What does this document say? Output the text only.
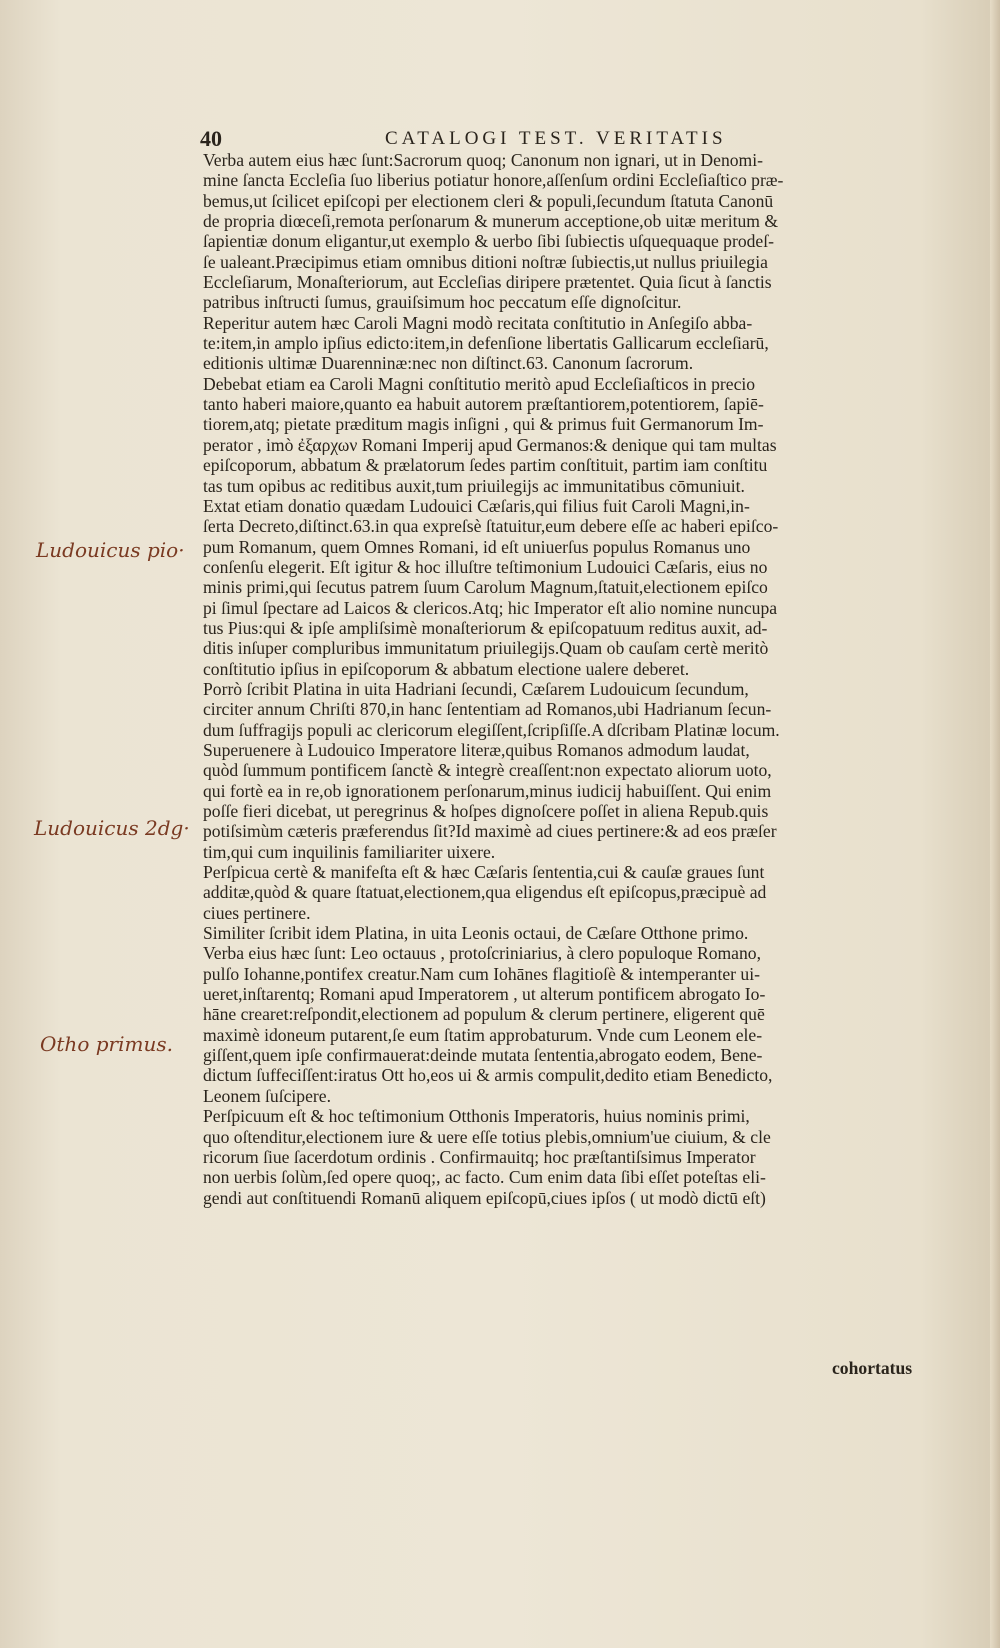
40	CATALOGI TEST. VERITATIS
Verba autem eius hæc ſunt:Sacrorum quoq; Canonum non ignari, ut in Denomi-
mine ſancta Eccleſia ſuo liberius potiatur honore,aſſenſum ordini Eccleſiaſtico præ-
bemus,ut ſcilicet epiſcopi per electionem cleri & populi,ſecundum ſtatuta Canonū
de propria diœceſi,remota perſonarum & munerum acceptione,ob uitæ meritum &
ſapientiæ donum eligantur,ut exemplo & uerbo ſibi ſubiectis uſquequaque prodeſ-
ſe ualeant.Præcipimus etiam omnibus ditioni noſtræ ſubiectis,ut nullus priuilegia
Eccleſiarum, Monaſteriorum, aut Eccleſias diripere prætentet. Quia ſicut à ſanctis
patribus inſtructi ſumus, grauiſsimum hoc peccatum eſſe dignoſcitur.
Reperitur autem hæc Caroli Magni modò recitata conſtitutio in Anſegiſo abba-
te:item,in amplo ipſius edicto:item,in defenſione libertatis Gallicarum eccleſiarū,
editionis ultimæ Duarenninæ:nec non diſtinct.63. Canonum ſacrorum.
Debebat etiam ea Caroli Magni conſtitutio meritò apud Eccleſiaſticos in precio
tanto haberi maiore,quanto ea habuit autorem præſtantiorem,potentiorem, ſapiē-
tiorem,atq; pietate præditum magis inſigni , qui & primus fuit Germanorum Im-
perator , imò ἐξαρχων Romani Imperij apud Germanos:& denique qui tam multas
epiſcoporum, abbatum & prælatorum ſedes partim conſtituit, partim iam conſtitu
tas tum opibus ac reditibus auxit,tum priuilegijs ac immunitatibus cōmuniuit.
Extat etiam donatio quædam Ludouici Cæſaris,qui filius fuit Caroli Magni,in-
ſerta Decreto,diſtinct.63.in qua expreſsè ſtatuitur,eum debere eſſe ac haberi epiſco-
pum Romanum, quem Omnes Romani, id eſt uniuerſus populus Romanus uno
conſenſu elegerit. Eſt igitur & hoc illuſtre teſtimonium Ludouici Cæſaris, eius no
minis primi,qui ſecutus patrem ſuum Carolum Magnum,ſtatuit,electionem epiſco
pi ſimul ſpectare ad Laicos & clericos.Atq; hic Imperator eſt alio nomine nuncupa
tus Pius:qui & ipſe ampliſsimè monaſteriorum & epiſcopatuum reditus auxit, ad-
ditis inſuper compluribus immunitatum priuilegijs.Quam ob cauſam certè meritò
conſtitutio ipſius in epiſcoporum & abbatum electione ualere deberet.
Porrò ſcribit Platina in uita Hadriani ſecundi, Cæſarem Ludouicum ſecundum,
circiter annum Chriſti 870,in hanc ſententiam ad Romanos,ubi Hadrianum ſecun-
dum ſuffragijs populi ac clericorum elegiſſent,ſcripſiſſe.A dſcribam Platinæ locum.
Superuenere à Ludouico Imperatore literæ,quibus Romanos admodum laudat,
quòd ſummum pontificem ſanctè & integrè creaſſent:non expectato aliorum uoto,
qui fortè ea in re,ob ignorationem perſonarum,minus iudicij habuiſſent. Qui enim
poſſe fieri dicebat, ut peregrinus & hoſpes dignoſcere poſſet in aliena Repub.quis
potiſsimùm cæteris præferendus ſit?Id maximè ad ciues pertinere:& ad eos præſer
tim,qui cum inquilinis familiariter uixere.
Perſpicua certè & manifeſta eſt & hæc Cæſaris ſententia,cui & cauſæ graues ſunt
additæ,quòd & quare ſtatuat,electionem,qua eligendus eſt epiſcopus,præcipuè ad
ciues pertinere.
Similiter ſcribit idem Platina, in uita Leonis octaui, de Cæſare Otthone primo.
Verba eius hæc ſunt: Leo octauus , protoſcriniarius, à clero populoque Romano,
pulſo Iohanne,pontifex creatur.Nam cum Iohānes flagitioſè & intemperanter ui-
ueret,inſtarentq; Romani apud Imperatorem , ut alterum pontificem abrogato Io-
hāne crearet:reſpondit,electionem ad populum & clerum pertinere, eligerent quē
maximè idoneum putarent,ſe eum ſtatim approbaturum. Vnde cum Leonem ele-
giſſent,quem ipſe confirmauerat:deinde mutata ſententia,abrogato eodem, Bene-
dictum ſuffeciſſent:iratus Ott ho,eos ui & armis compulit,dedito etiam Benedicto,
Leonem ſuſcipere.
Perſpicuum eſt & hoc teſtimonium Otthonis Imperatoris, huius nominis primi,
quo oſtenditur,electionem iure & uere eſſe totius plebis,omnium'ue ciuium, & cle
ricorum ſiue ſacerdotum ordinis . Confirmauitq; hoc præſtantiſsimus Imperator
non uerbis ſolùm,ſed opere quoq;, ac facto. Cum enim data ſibi eſſet poteſtas eli-
gendi aut conſtituendi Romanū aliquem epiſcopū,ciues ipſos ( ut modò dictū eſt)
cohortatus
Ludouicus pio·
Ludouicus 2dg·
Otho primus.
